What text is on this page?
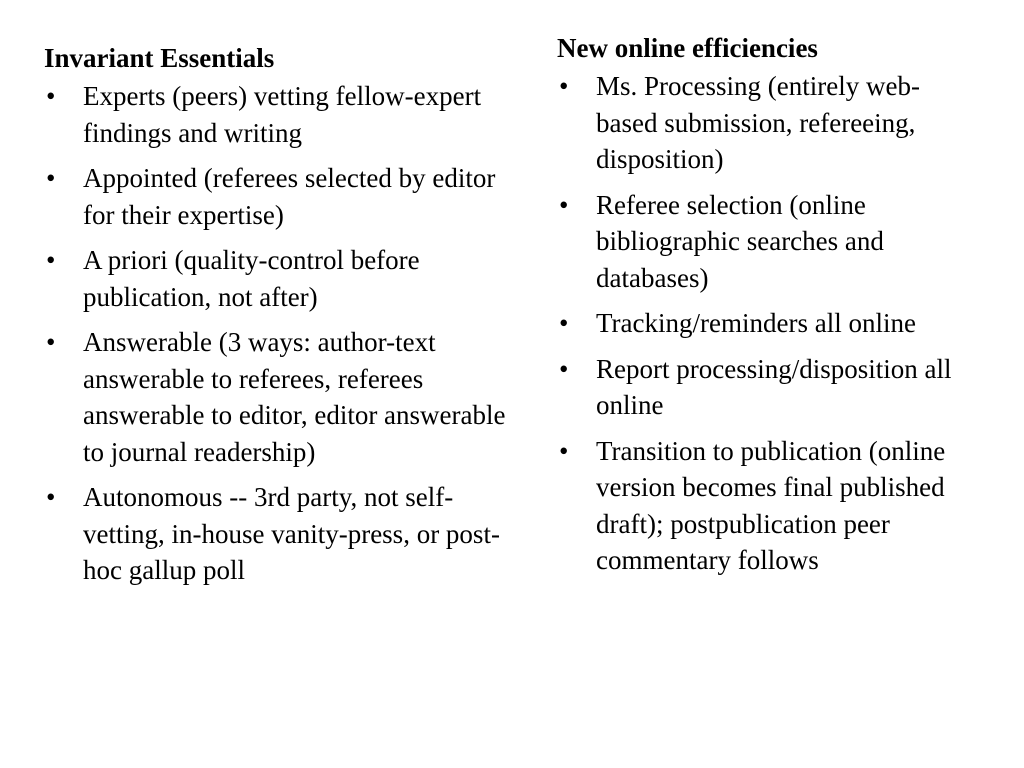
Invariant Essentials
• Experts (peers) vetting fellow-expert findings and writing
• Appointed (referees selected by editor for their expertise)
• A priori (quality-control before publication, not after)
• Answerable (3 ways: author-text answerable to referees, referees answerable to editor, editor answerable to journal readership)
• Autonomous -- 3rd party, not self-vetting, in-house vanity-press, or post-hoc gallup poll
New online efficiencies
• Ms. Processing (entirely web-based submission, refereeing, disposition)
• Referee selection (online bibliographic searches and databases)
• Tracking/reminders all online
• Report processing/disposition all online
• Transition to publication (online version becomes final published draft); postpublication peer commentary follows
